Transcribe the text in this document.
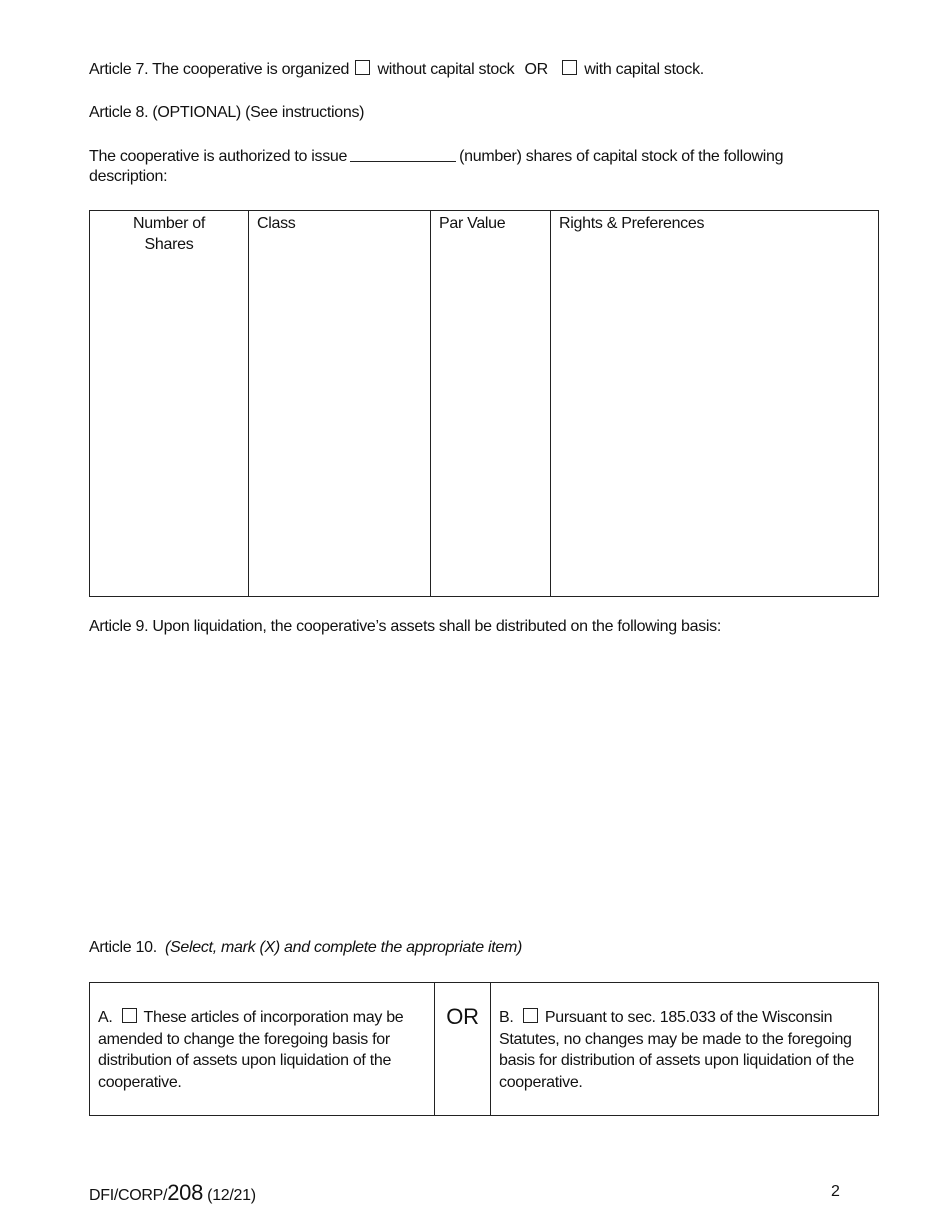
Article 7. The cooperative is organized without capital stock OR with capital stock.
Article 8. (OPTIONAL) (See instructions)
The cooperative is authorized to issue	(number) shares of capital stock of the following
description:
Number of Shares	Class	Par Value	Rights & Preferences
Article 9. Upon liquidation, the cooperative’s assets shall be distributed on the following basis:
Article 10. (Select, mark (X) and complete the appropriate item)
A. These articles of incorporation may be amended to change the foregoing basis for distribution of assets upon liquidation of the cooperative.	OR	B. Pursuant to sec. 185.033 of the Wisconsin Statutes, no changes may be made to the foregoing basis for distribution of assets upon liquidation of the cooperative.
DFI/CORP/208 (12/21)	2
